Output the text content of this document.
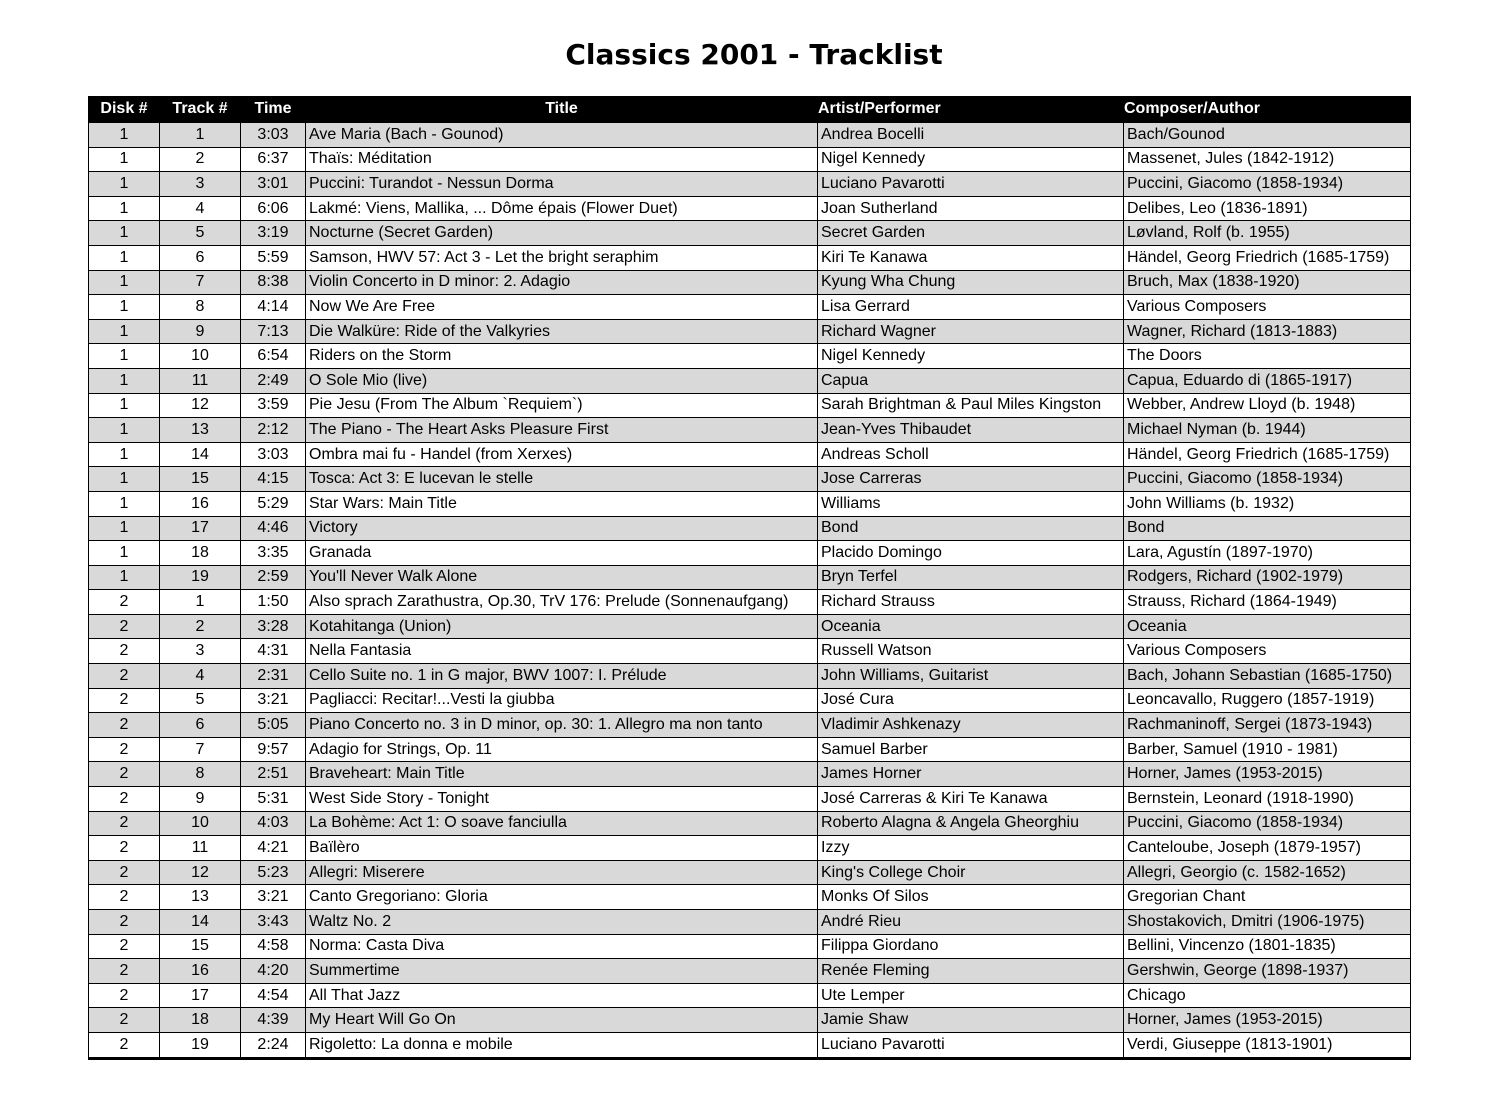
Classics 2001 - Tracklist
Disk #	Track #	Time	Title	Artist/Performer	Composer/Author
1	1	3:03	Ave Maria (Bach - Gounod)	Andrea Bocelli	Bach/Gounod
1	2	6:37	Thaïs: Méditation	Nigel Kennedy	Massenet, Jules (1842-1912)
1	3	3:01	Puccini: Turandot - Nessun Dorma	Luciano Pavarotti	Puccini, Giacomo (1858-1934)
1	4	6:06	Lakmé: Viens, Mallika, ... Dôme épais (Flower Duet)	Joan Sutherland	Delibes, Leo (1836-1891)
1	5	3:19	Nocturne (Secret Garden)	Secret Garden	Løvland, Rolf (b. 1955)
1	6	5:59	Samson, HWV 57: Act 3 - Let the bright seraphim	Kiri Te Kanawa	Händel, Georg Friedrich (1685-1759)
1	7	8:38	Violin Concerto in D minor: 2. Adagio	Kyung Wha Chung	Bruch, Max (1838-1920)
1	8	4:14	Now We Are Free	Lisa Gerrard	Various Composers
1	9	7:13	Die Walküre: Ride of the Valkyries	Richard Wagner	Wagner, Richard (1813-1883)
1	10	6:54	Riders on the Storm	Nigel Kennedy	The Doors
1	11	2:49	O Sole Mio (live)	Capua	Capua, Eduardo di (1865-1917)
1	12	3:59	Pie Jesu (From The Album `Requiem`)	Sarah Brightman & Paul Miles Kingston	Webber, Andrew Lloyd (b. 1948)
1	13	2:12	The Piano - The Heart Asks Pleasure First	Jean-Yves Thibaudet	Michael Nyman (b. 1944)
1	14	3:03	Ombra mai fu - Handel (from Xerxes)	Andreas Scholl	Händel, Georg Friedrich (1685-1759)
1	15	4:15	Tosca: Act 3: E lucevan le stelle	Jose Carreras	Puccini, Giacomo (1858-1934)
1	16	5:29	Star Wars: Main Title	Williams	John Williams (b. 1932)
1	17	4:46	Victory	Bond	Bond
1	18	3:35	Granada	Placido Domingo	Lara, Agustín (1897-1970)
1	19	2:59	You'll Never Walk Alone	Bryn Terfel	Rodgers, Richard (1902-1979)
2	1	1:50	Also sprach Zarathustra, Op.30, TrV 176: Prelude (Sonnenaufgang)	Richard Strauss	Strauss, Richard (1864-1949)
2	2	3:28	Kotahitanga (Union)	Oceania	Oceania
2	3	4:31	Nella Fantasia	Russell Watson	Various Composers
2	4	2:31	Cello Suite no. 1 in G major, BWV 1007: I. Prélude	John Williams, Guitarist	Bach, Johann Sebastian (1685-1750)
2	5	3:21	Pagliacci: Recitar!...Vesti la giubba	José Cura	Leoncavallo, Ruggero (1857-1919)
2	6	5:05	Piano Concerto no. 3 in D minor, op. 30: 1. Allegro ma non tanto	Vladimir Ashkenazy	Rachmaninoff, Sergei (1873-1943)
2	7	9:57	Adagio for Strings, Op. 11	Samuel Barber	Barber, Samuel (1910 - 1981)
2	8	2:51	Braveheart: Main Title	James Horner	Horner, James (1953-2015)
2	9	5:31	West Side Story - Tonight	José Carreras & Kiri Te Kanawa	Bernstein, Leonard (1918-1990)
2	10	4:03	La Bohème: Act 1: O soave fanciulla	Roberto Alagna & Angela Gheorghiu	Puccini, Giacomo (1858-1934)
2	11	4:21	Baïlèro	Izzy	Canteloube, Joseph (1879-1957)
2	12	5:23	Allegri: Miserere	King's College Choir	Allegri, Georgio (c. 1582-1652)
2	13	3:21	Canto Gregoriano: Gloria	Monks Of Silos	Gregorian Chant
2	14	3:43	Waltz No. 2	André Rieu	Shostakovich, Dmitri (1906-1975)
2	15	4:58	Norma: Casta Diva	Filippa Giordano	Bellini, Vincenzo (1801-1835)
2	16	4:20	Summertime	Renée Fleming	Gershwin, George (1898-1937)
2	17	4:54	All That Jazz	Ute Lemper	Chicago
2	18	4:39	My Heart Will Go On	Jamie Shaw	Horner, James (1953-2015)
2	19	2:24	Rigoletto: La donna e mobile	Luciano Pavarotti	Verdi, Giuseppe (1813-1901)
